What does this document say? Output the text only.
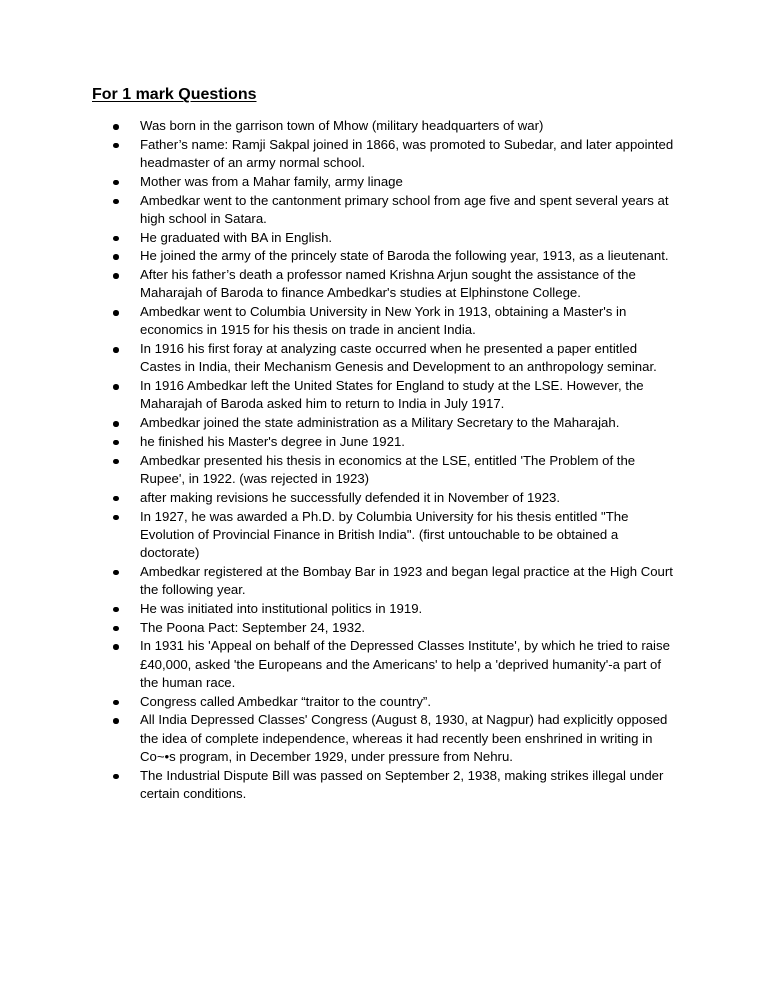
For 1 mark Questions
Was born in the garrison town of Mhow (military headquarters of war)
Father’s name: Ramji Sakpal joined in 1866, was promoted to Subedar, and later appointed headmaster of an army normal school.
Mother was from a Mahar family, army linage
Ambedkar went to the cantonment primary school from age five and spent several years at high school in Satara.
He graduated with BA in English.
He joined the army of the princely state of Baroda the following year, 1913, as a lieutenant.
After his father’s death a professor named Krishna Arjun sought the assistance of the Maharajah of Baroda to finance Ambedkar's studies at Elphinstone College.
Ambedkar went to Columbia University in New York in 1913, obtaining a Master's in economics in 1915 for his thesis on trade in ancient India.
In 1916 his first foray at analyzing caste occurred when he presented a paper entitled Castes in India, their Mechanism Genesis and Development to an anthropology seminar.
In 1916 Ambedkar left the United States for England to study at the LSE. However, the Maharajah of Baroda asked him to return to India in July 1917.
Ambedkar joined the state administration as a Military Secretary to the Maharajah.
he finished his Master's degree in June 1921.
Ambedkar presented his thesis in economics at the LSE, entitled 'The Problem of the Rupee', in 1922. (was rejected in 1923)
after making revisions he successfully defended it in November of 1923.
In 1927, he was awarded a Ph.D. by Columbia University for his thesis entitled "The Evolution of Provincial Finance in British India". (first untouchable to be obtained a doctorate)
Ambedkar registered at the Bombay Bar in 1923 and began legal practice at the High Court the following year.
He was initiated into institutional politics in 1919.
The Poona Pact: September 24, 1932.
In 1931 his 'Appeal on behalf of the Depressed Classes Institute', by which he tried to raise £40,000, asked 'the Europeans and the Americans' to help a 'deprived humanity'-a part of the human race.
Congress called Ambedkar “traitor to the country”.
All India Depressed Classes' Congress (August 8, 1930, at Nagpur) had explicitly opposed the idea of complete independence, whereas it had recently been enshrined in writing in Co~•s program, in December 1929, under pressure from Nehru.
The Industrial Dispute Bill was passed on September 2, 1938, making strikes illegal under certain conditions.
